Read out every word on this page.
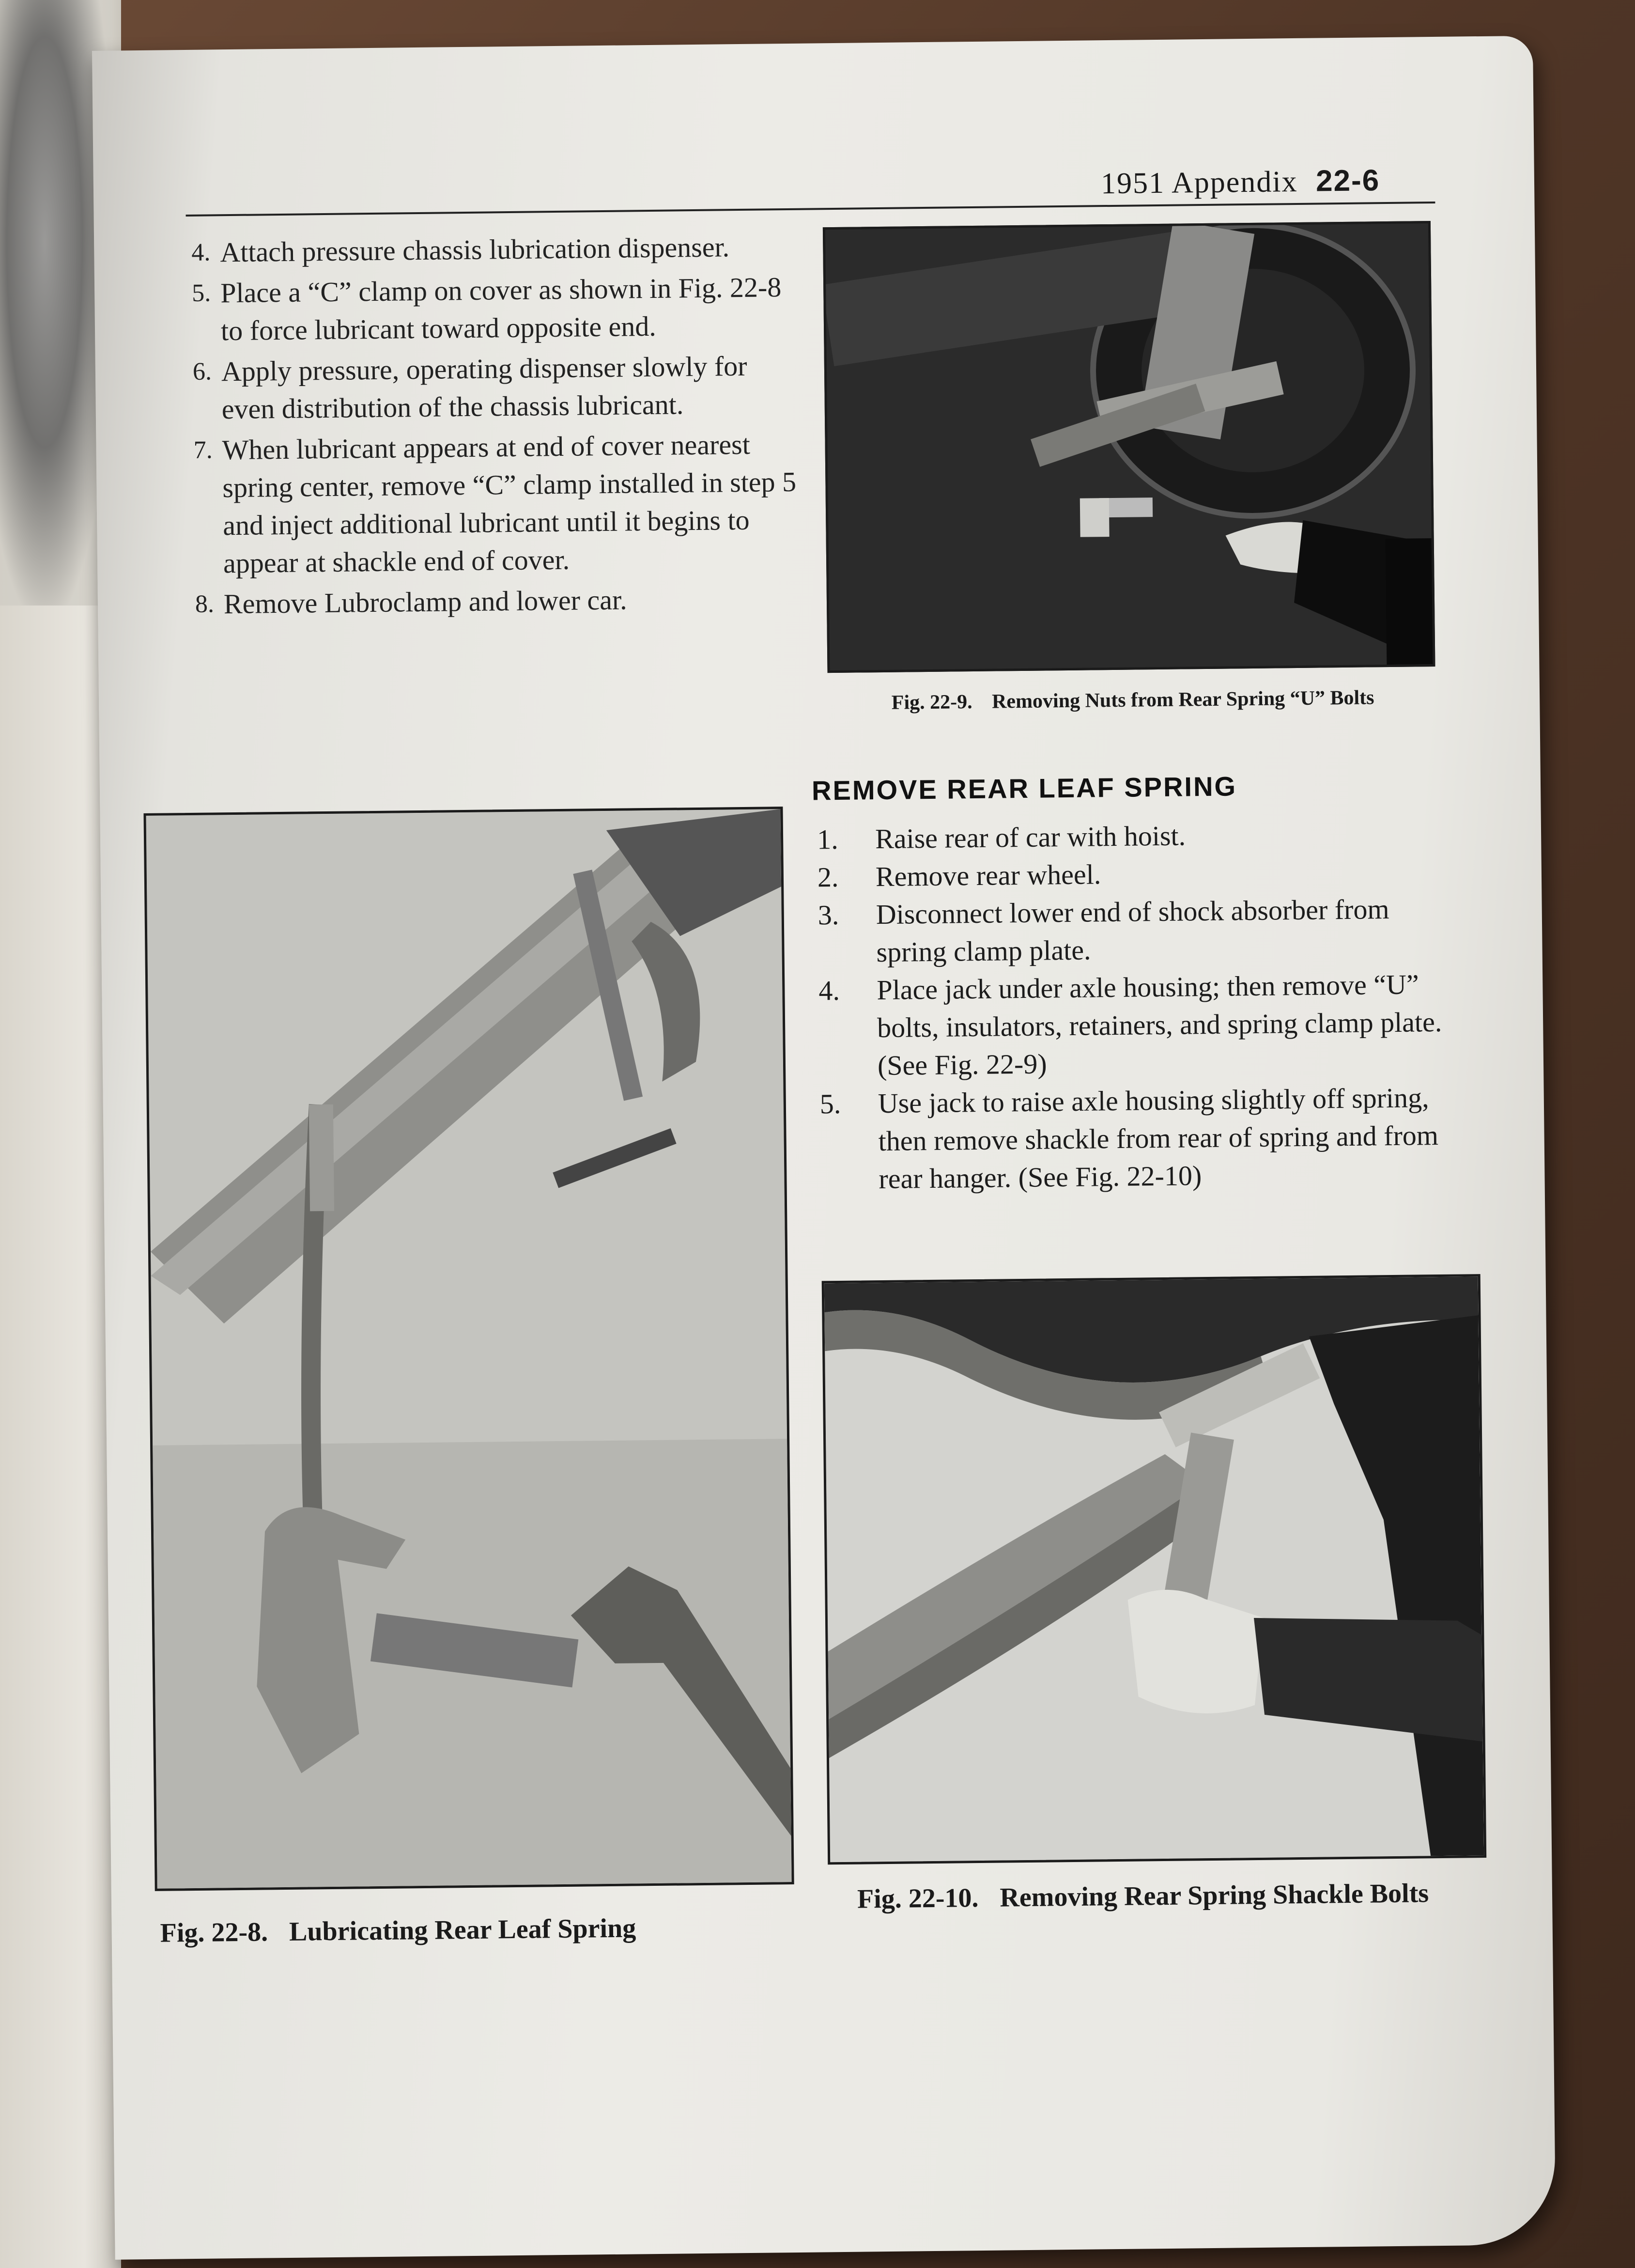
1951 Appendix 22-6
4. Attach pressure chassis lubrication dispenser.
5. Place a “C” clamp on cover as shown in Fig. 22-8 to force lubricant toward opposite end.
6. Apply pressure, operating dispenser slowly for even distribution of the chassis lubricant.
7. When lubricant appears at end of cover nearest spring center, remove “C” clamp installed in step 5 and inject additional lubricant until it begins to appear at shackle end of cover.
8. Remove Lubroclamp and lower car.
Fig. 22-9. Removing Nuts from Rear Spring “U” Bolts
REMOVE REAR LEAF SPRING
1.	Raise rear of car with hoist.
2.	Remove rear wheel.
3.	Disconnect lower end of shock absorber from spring clamp plate.
4.	Place jack under axle housing; then remove “U” bolts, insulators, retainers, and spring clamp plate. (See Fig. 22-9)
5.	Use jack to raise axle housing slightly off spring, then remove shackle from rear of spring and from rear hanger. (See Fig. 22-10)
Fig. 22-8. Lubricating Rear Leaf Spring
Fig. 22-10. Removing Rear Spring Shackle Bolts
